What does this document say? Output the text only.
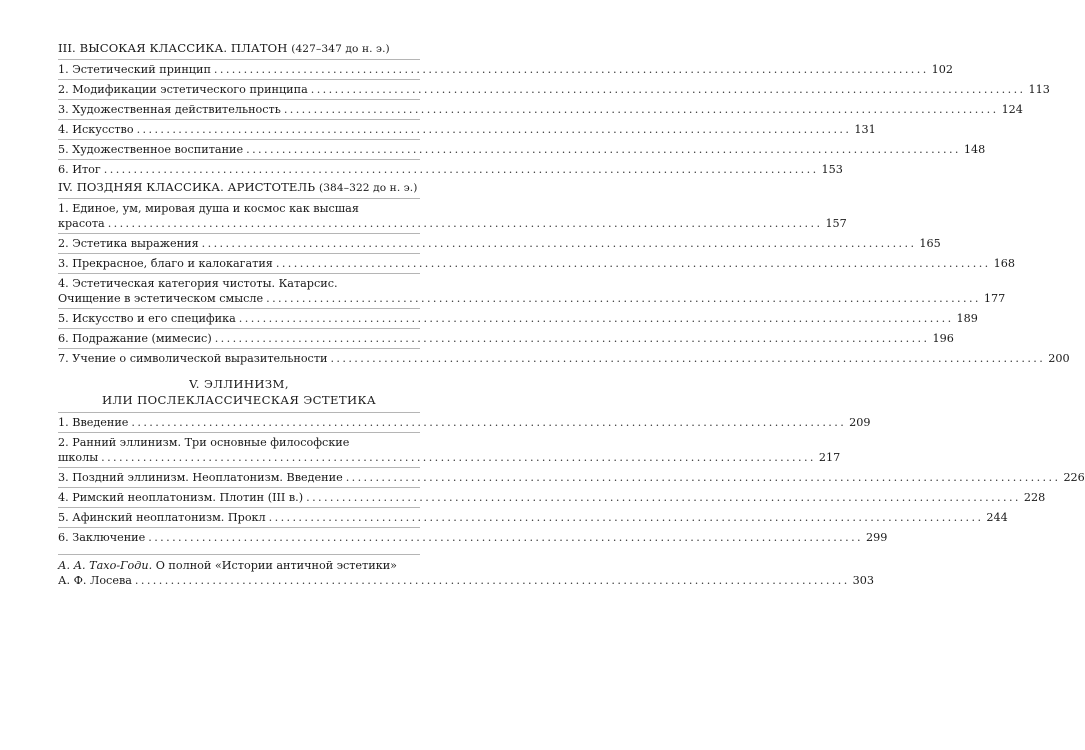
III. ВЫСОКАЯ КЛАССИКА. ПЛАТОН (427–347 до н. э.)
1. Эстетический принцип ........................................................................................................................ 102
2. Модификации эстетического принципа ........................................................................................................................ 113
3. Художественная действительность ........................................................................................................................ 124
4. Искусство ........................................................................................................................ 131
5. Художественное воспитание ........................................................................................................................ 148
6. Итог ........................................................................................................................ 153
IV. ПОЗДНЯЯ КЛАССИКА. АРИСТОТЕЛЬ (384–322 до н. э.)
1. Единое, ум, мировая душа и космос как высшая
красота ........................................................................................................................ 157
2. Эстетика выражения ........................................................................................................................ 165
3. Прекрасное, благо и калокагатия ........................................................................................................................ 168
4. Эстетическая категория чистоты. Катарсис.
Очищение в эстетическом смысле ........................................................................................................................ 177
5. Искусство и его специфика ........................................................................................................................ 189
6. Подражание (мимесис) ........................................................................................................................ 196
7. Учение о символической выразительности ........................................................................................................................ 200
V. ЭЛЛИНИЗМ,
ИЛИ ПОСЛЕКЛАССИЧЕСКАЯ ЭСТЕТИКА
1. Введение ........................................................................................................................ 209
2. Ранний эллинизм. Три основные философские
школы ........................................................................................................................ 217
3. Поздний эллинизм. Неоплатонизм. Введение ........................................................................................................................ 226
4. Римский неоплатонизм. Плотин (III в.) ........................................................................................................................ 228
5. Афинский неоплатонизм. Прокл ........................................................................................................................ 244
6. Заключение ........................................................................................................................ 299
А. А. Тахо-Годи. О полной «Истории античной эстетики»
А. Ф. Лосева ........................................................................................................................ 303
